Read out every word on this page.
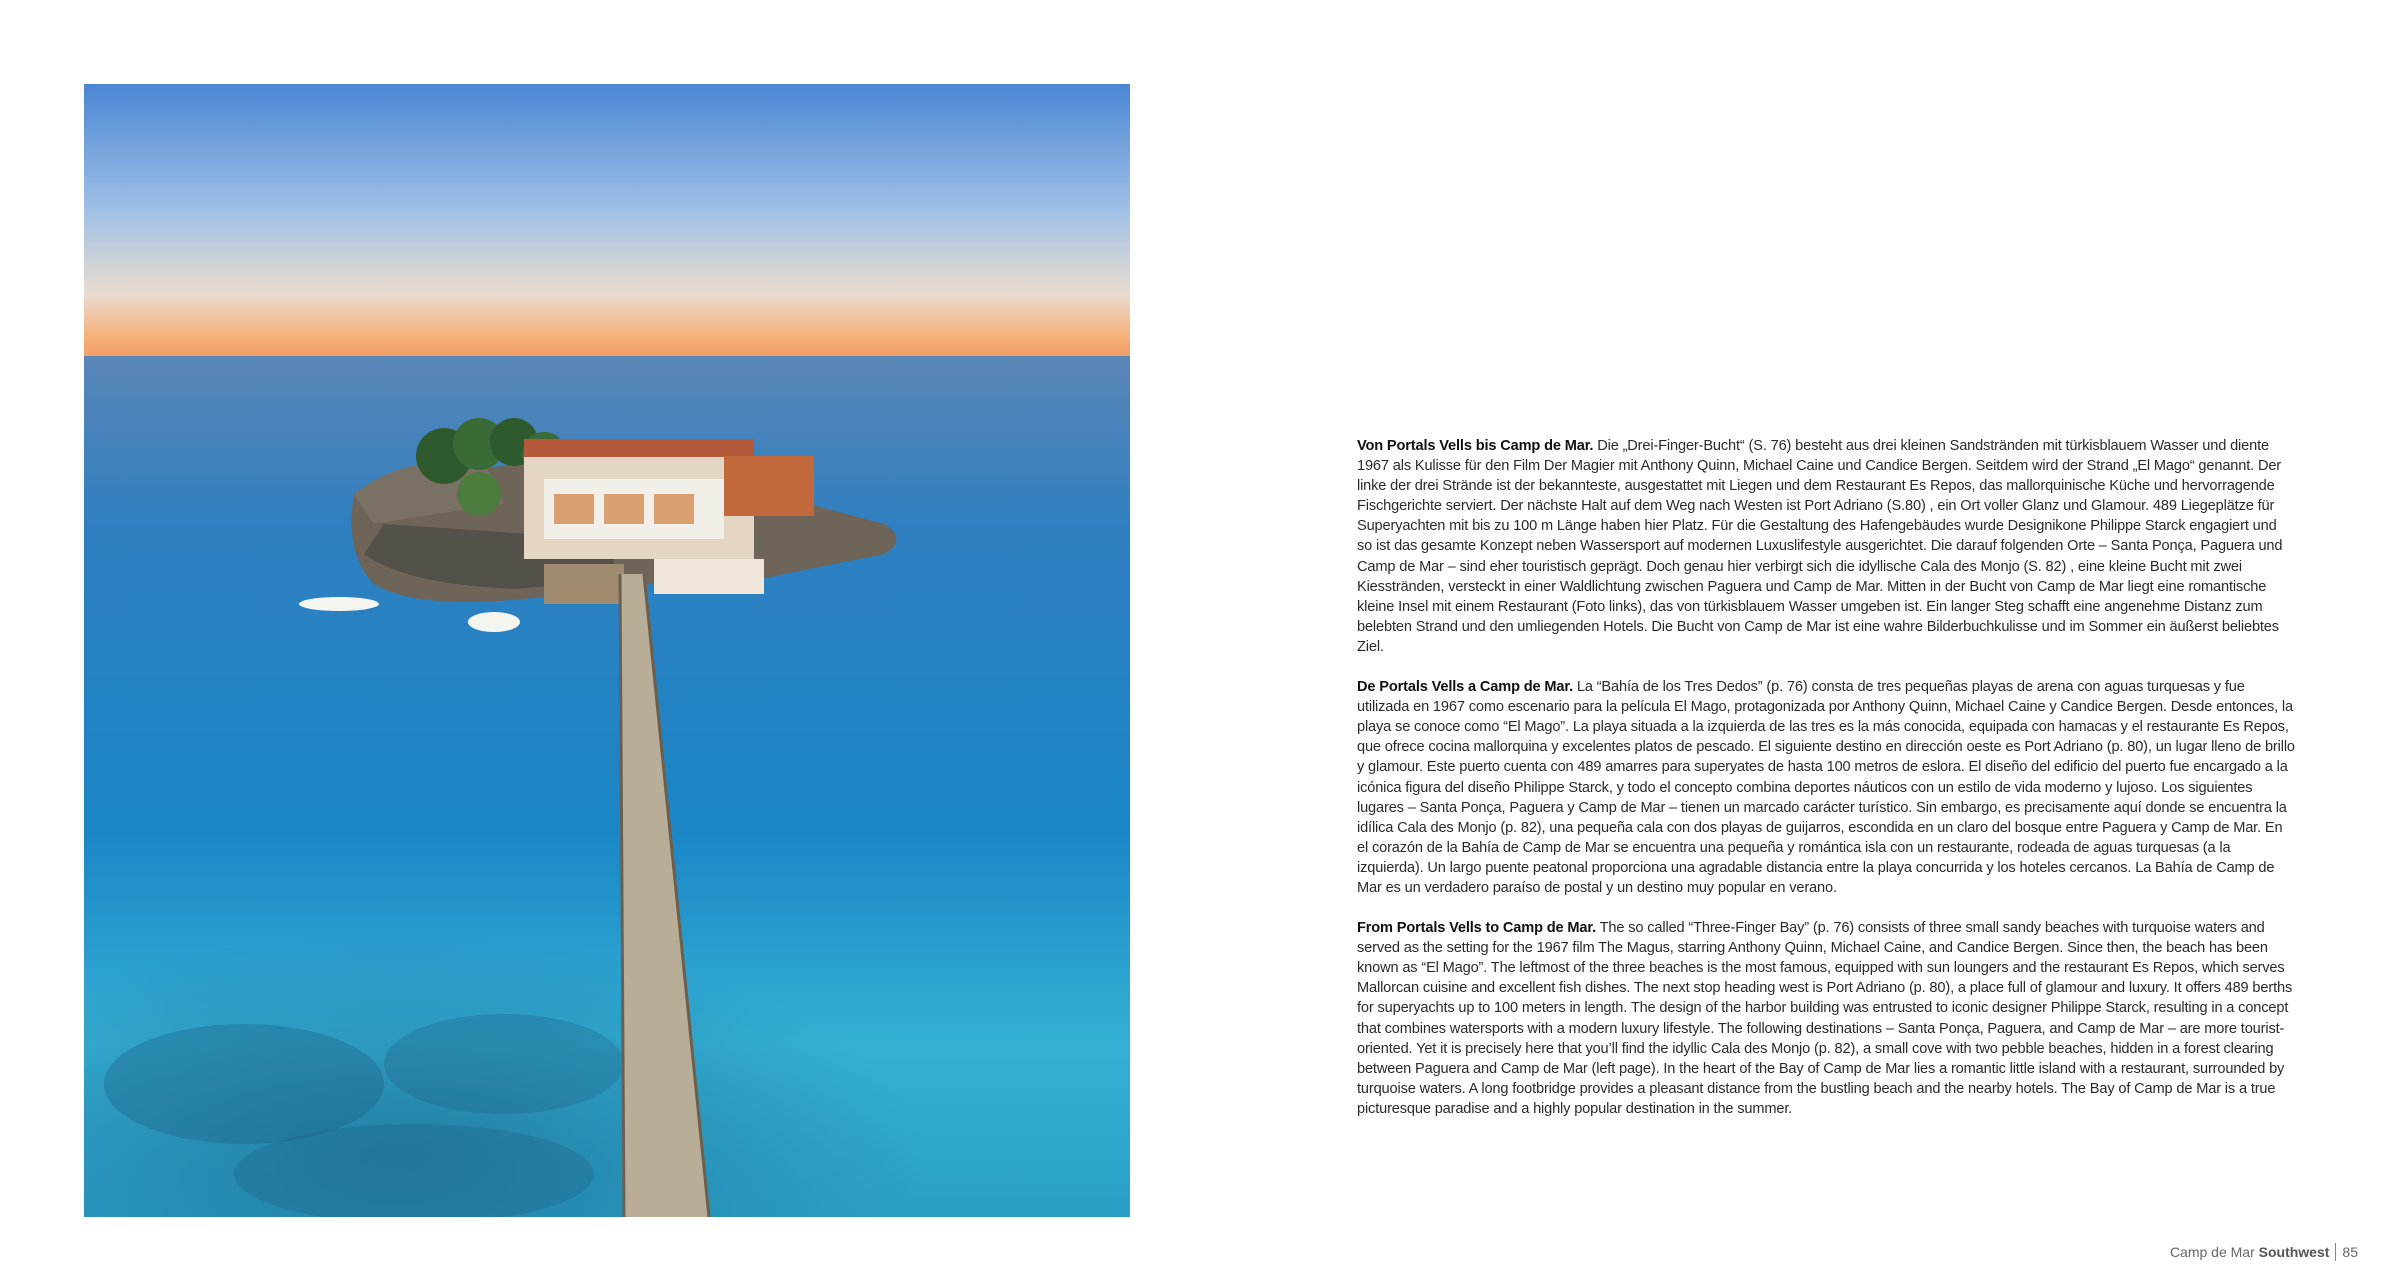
Von Portals Vells bis Camp de Mar. Die „Drei-Finger-Bucht“ (S. 76) besteht aus drei kleinen Sandstränden mit türkisblauem Wasser und diente 1967 als Kulisse für den Film Der Magier mit Anthony Quinn, Michael Caine und Candice Bergen. Seitdem wird der Strand „El Mago“ genannt. Der linke der drei Strände ist der bekannteste, ausgestattet mit Liegen und dem Restaurant Es Repos, das mallorquinische Küche und hervorragende Fischgerichte serviert. Der nächste Halt auf dem Weg nach Westen ist Port Adriano (S.80) , ein Ort voller Glanz und Glamour. 489 Liegeplätze für Superyachten mit bis zu 100 m Länge haben hier Platz. Für die Gestaltung des Hafengebäudes wurde Designikone Philippe Starck engagiert und so ist das gesamte Konzept neben Wassersport auf modernen Luxuslifestyle ausgerichtet. Die darauf folgenden Orte – Santa Ponça, Paguera und Camp de Mar – sind eher touristisch geprägt. Doch genau hier verbirgt sich die idyllische Cala des Monjo (S. 82) , eine kleine Bucht mit zwei Kiesstränden, versteckt in einer Waldlichtung zwischen Paguera und Camp de Mar. Mitten in der Bucht von Camp de Mar liegt eine romantische kleine Insel mit einem Restaurant (Foto links), das von türkisblauem Wasser umgeben ist. Ein langer Steg schafft eine angenehme Distanz zum belebten Strand und den umliegenden Hotels. Die Bucht von Camp de Mar ist eine wahre Bilderbuchkulisse und im Sommer ein äußerst beliebtes Ziel.

De Portals Vells a Camp de Mar. La “Bahía de los Tres Dedos” (p. 76) consta de tres pequeñas playas de arena con aguas turquesas y fue utilizada en 1967 como escenario para la película El Mago, protagonizada por Anthony Quinn, Michael Caine y Candice Bergen. Desde entonces, la playa se conoce como “El Mago”. La playa situada a la izquierda de las tres es la más conocida, equipada con hamacas y el restaurante Es Repos, que ofrece cocina mallorquina y excelentes platos de pescado. El siguiente destino en dirección oeste es Port Adriano (p. 80), un lugar lleno de brillo y glamour. Este puerto cuenta con 489 amarres para superyates de hasta 100 metros de eslora. El diseño del edificio del puerto fue encargado a la icónica figura del diseño Philippe Starck, y todo el concepto combina deportes náuticos con un estilo de vida moderno y lujoso. Los siguientes lugares – Santa Ponça, Paguera y Camp de Mar – tienen un marcado carácter turístico. Sin embargo, es precisamente aquí donde se encuentra la idílica Cala des Monjo (p. 82), una pequeña cala con dos playas de guijarros, escondida en un claro del bosque entre Paguera y Camp de Mar. En el corazón de la Bahía de Camp de Mar se encuentra una pequeña y romántica isla con un restaurante, rodeada de aguas turquesas (a la izquierda). Un largo puente peatonal proporciona una agradable distancia entre la playa concurrida y los hoteles cercanos. La Bahía de Camp de Mar es un verdadero paraíso de postal y un destino muy popular en verano.

From Portals Vells to Camp de Mar. The so called “Three-Finger Bay” (p. 76) consists of three small sandy beaches with turquoise waters and served as the setting for the 1967 film The Magus, starring Anthony Quinn, Michael Caine, and Candice Bergen. Since then, the beach has been known as “El Mago”. The leftmost of the three beaches is the most famous, equipped with sun loungers and the restaurant Es Repos, which serves Mallorcan cuisine and excellent fish dishes. The next stop heading west is Port Adriano (p. 80), a place full of glamour and luxury. It offers 489 berths for superyachts up to 100 meters in length. The design of the harbor building was entrusted to iconic designer Philippe Starck, resulting in a concept that combines watersports with a modern luxury lifestyle. The following destinations – Santa Ponça, Paguera, and Camp de Mar – are more tourist-oriented. Yet it is precisely here that you’ll find the idyllic Cala des Monjo (p. 82), a small cove with two pebble beaches, hidden in a forest clearing between Paguera and Camp de Mar (left page). In the heart of the Bay of Camp de Mar lies a romantic little island with a restaurant, surrounded by turquoise waters. A long footbridge provides a pleasant distance from the bustling beach and the nearby hotels. The Bay of Camp de Mar is a true picturesque paradise and a highly popular destination in the summer.

Camp de Mar
Southwest 85
